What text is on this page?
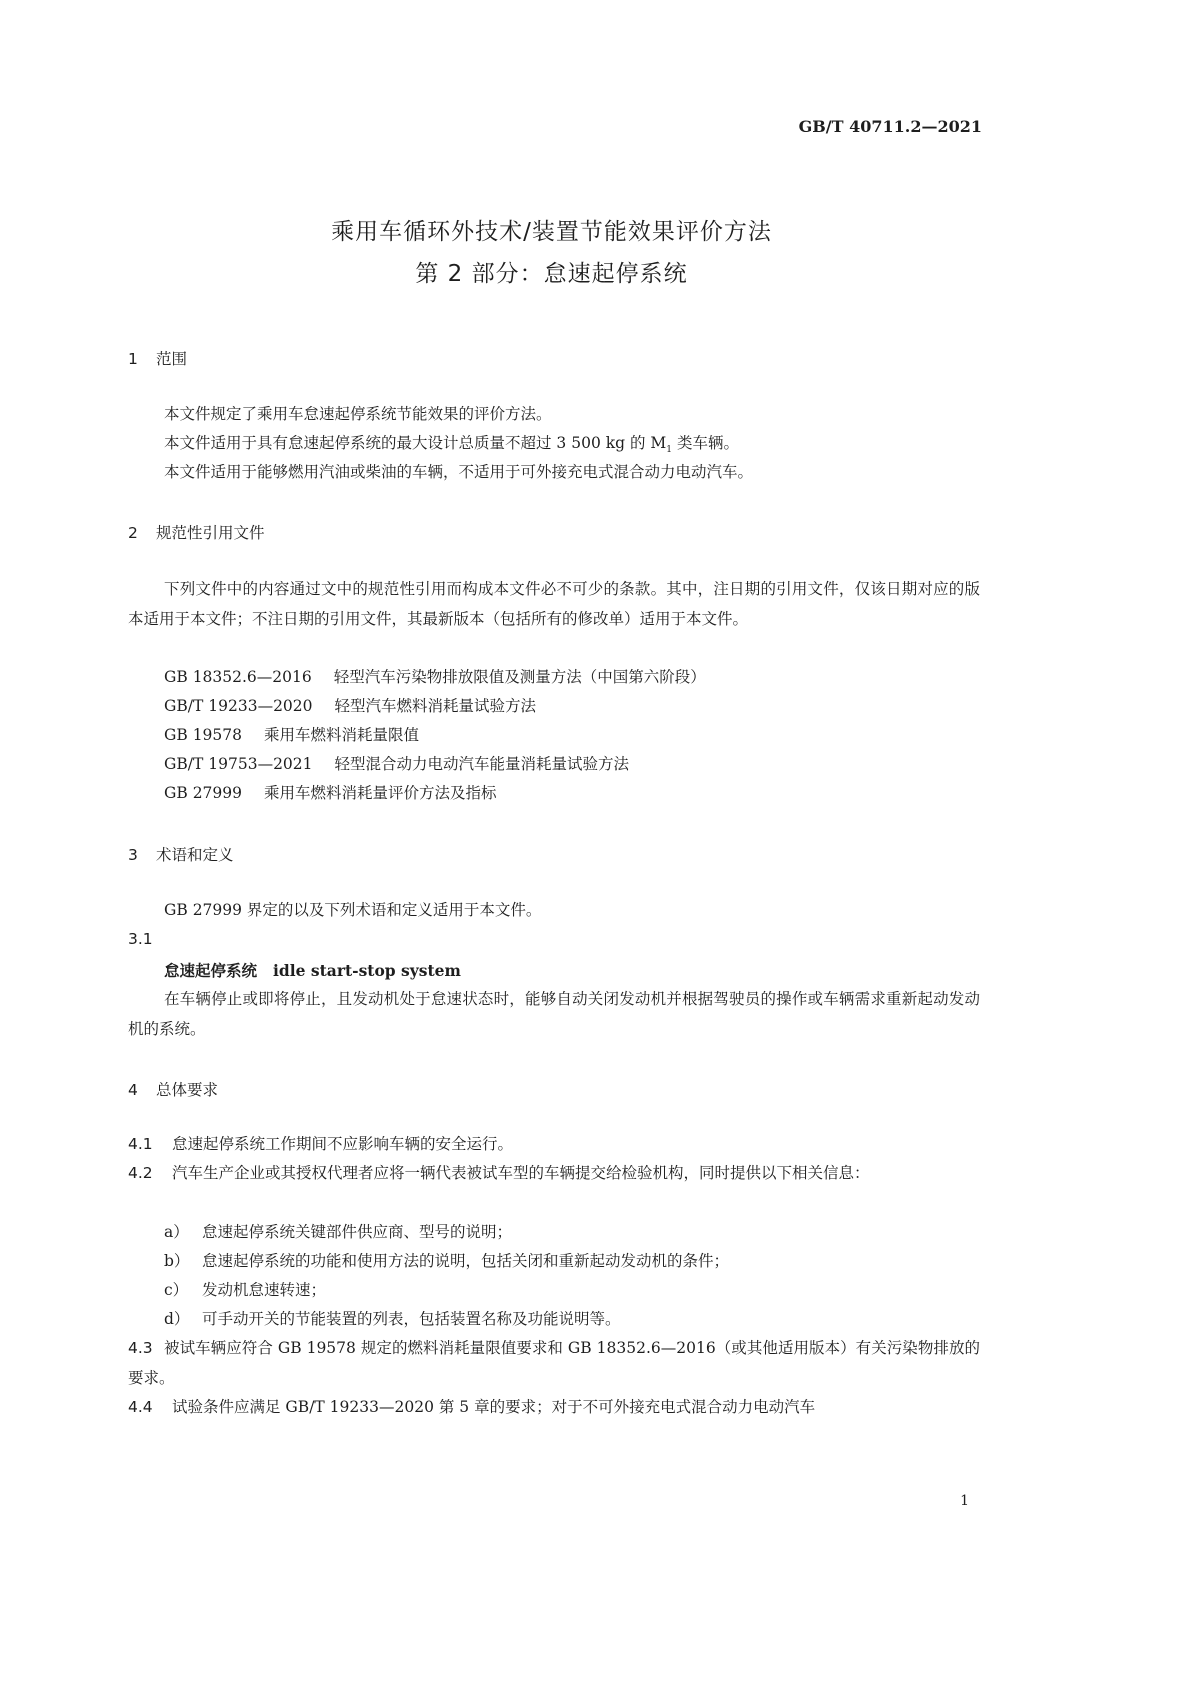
GB/T 40711.2—2021
乘用车循环外技术/装置节能效果评价方法
第 2 部分：怠速起停系统
1 范围
本文件规定了乘用车怠速起停系统节能效果的评价方法。
本文件适用于具有怠速起停系统的最大设计总质量不超过 3 500 kg 的 $M_1$ 类车辆。
本文件适用于能够燃用汽油或柴油的车辆，不适用于可外接充电式混合动力电动汽车。
2 规范性引用文件
下列文件中的内容通过文中的规范性引用而构成本文件必不可少的条款。其中，注日期的引用文件，仅该日期对应的版本适用于本文件；不注日期的引用文件，其最新版本（包括所有的修改单）适用于本文件。
GB 18352.6—2016 轻型汽车污染物排放限值及测量方法（中国第六阶段）
GB/T 19233—2020 轻型汽车燃料消耗量试验方法
GB 19578 乘用车燃料消耗量限值
GB/T 19753—2021 轻型混合动力电动汽车能量消耗量试验方法
GB 27999 乘用车燃料消耗量评价方法及指标
3 术语和定义
GB 27999 界定的以及下列术语和定义适用于本文件。
3.1
怠速起停系统 idle start-stop system
在车辆停止或即将停止，且发动机处于怠速状态时，能够自动关闭发动机并根据驾驶员的操作或车辆需求重新起动发动机的系统。
4 总体要求
4.1 怠速起停系统工作期间不应影响车辆的安全运行。
4.2 汽车生产企业或其授权代理者应将一辆代表被试车型的车辆提交给检验机构，同时提供以下相关信息：
a） 怠速起停系统关键部件供应商、型号的说明；
b） 怠速起停系统的功能和使用方法的说明，包括关闭和重新起动发动机的条件；
c） 发动机怠速转速；
d） 可手动开关的节能装置的列表，包括装置名称及功能说明等。
4.3 被试车辆应符合 GB 19578 规定的燃料消耗量限值要求和 GB 18352.6—2016（或其他适用版本）有关污染物排放的要求。
4.4 试验条件应满足 GB/T 19233—2020 第 5 章的要求；对于不可外接充电式混合动力电动汽车
1
